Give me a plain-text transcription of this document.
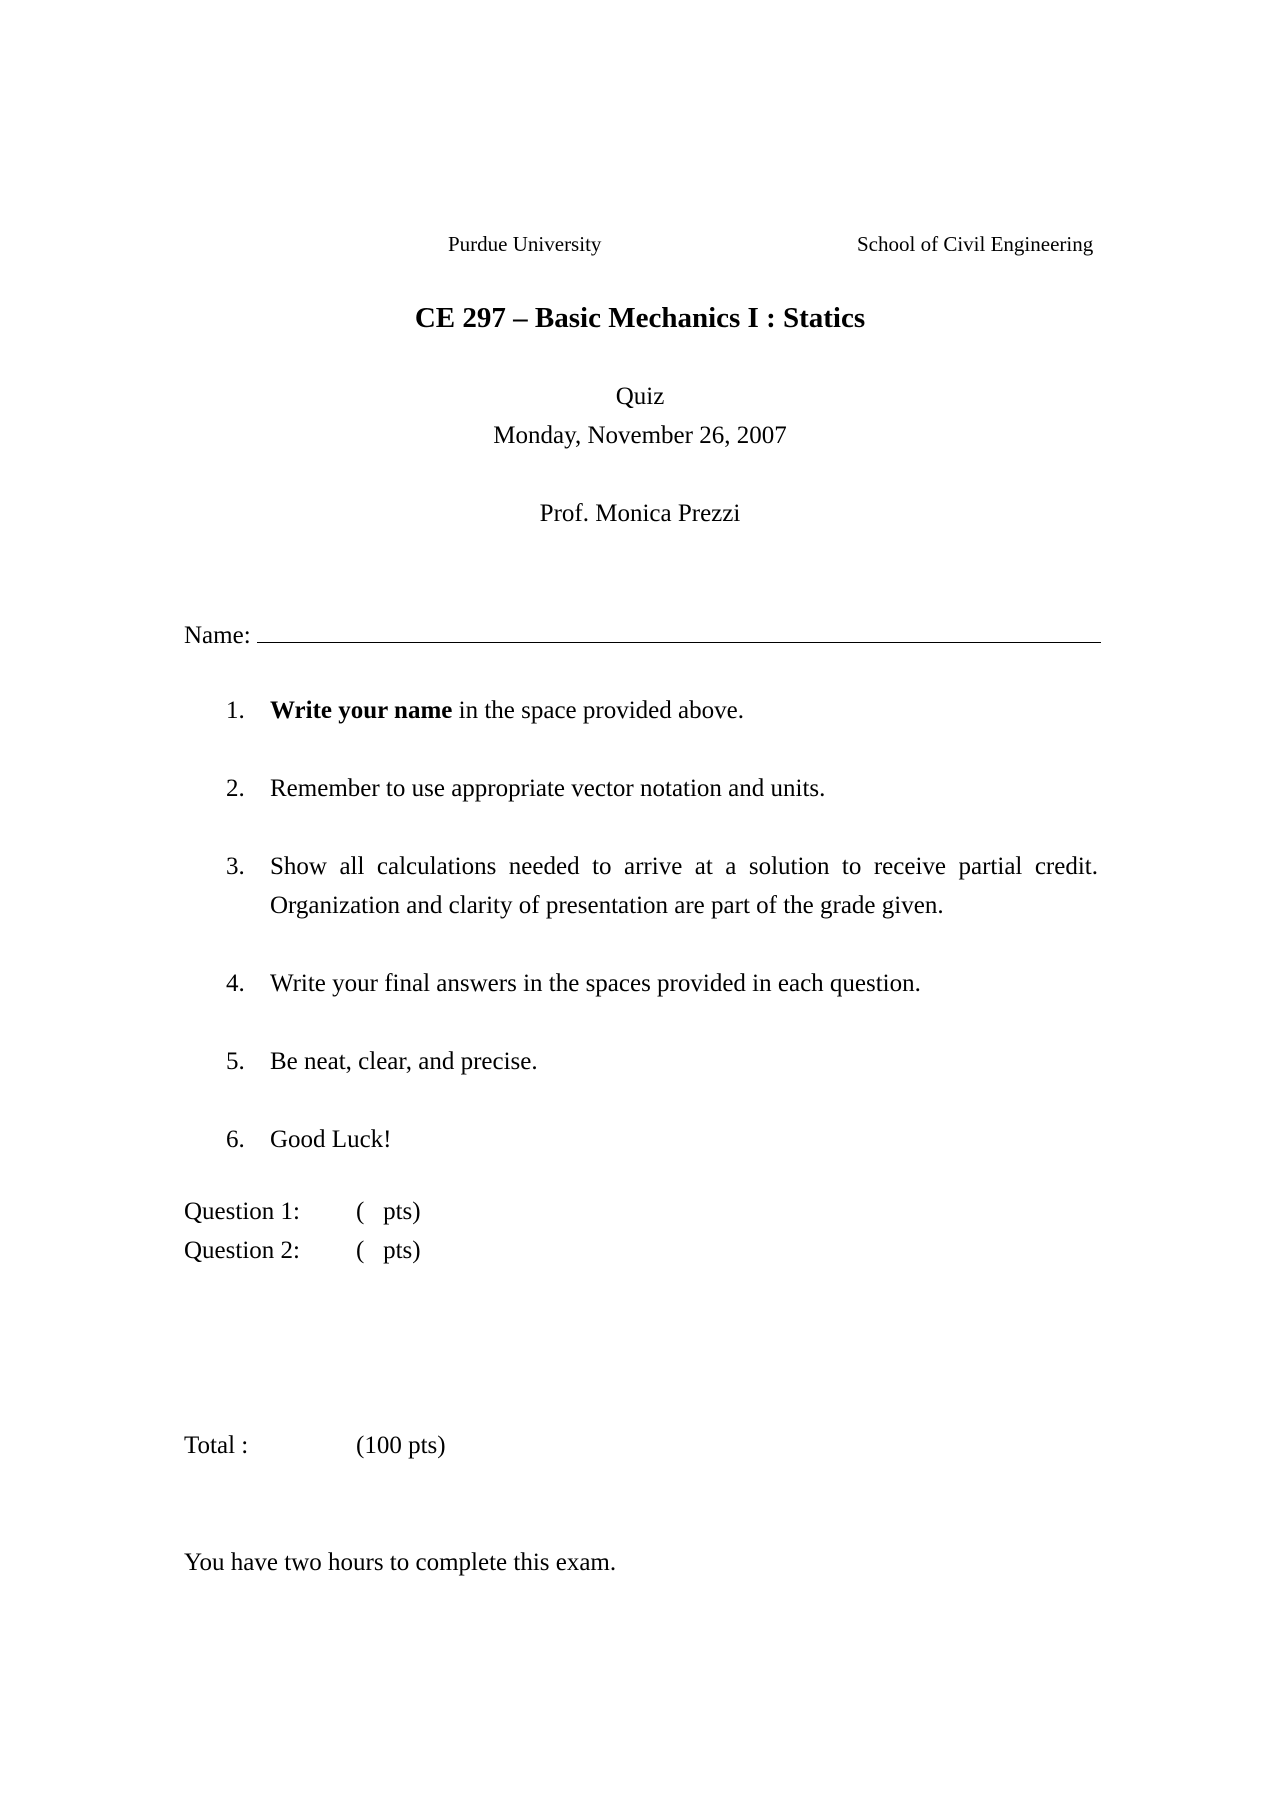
Purdue University	School of Civil Engineering
CE 297 – Basic Mechanics I : Statics
Quiz
Monday, November 26, 2007
Prof. Monica Prezzi
Name:
1.	Write your name in the space provided above.
2.	Remember to use appropriate vector notation and units.
3.	Show all calculations needed to arrive at a solution to receive partial credit. Organization and clarity of presentation are part of the grade given.
4.	Write your final answers in the spaces provided in each question.
5.	Be neat, clear, and precise.
6.	Good Luck!
Question 1: (   pts)
Question 2: (   pts)
Total :	(100 pts)
You have two hours to complete this exam.
